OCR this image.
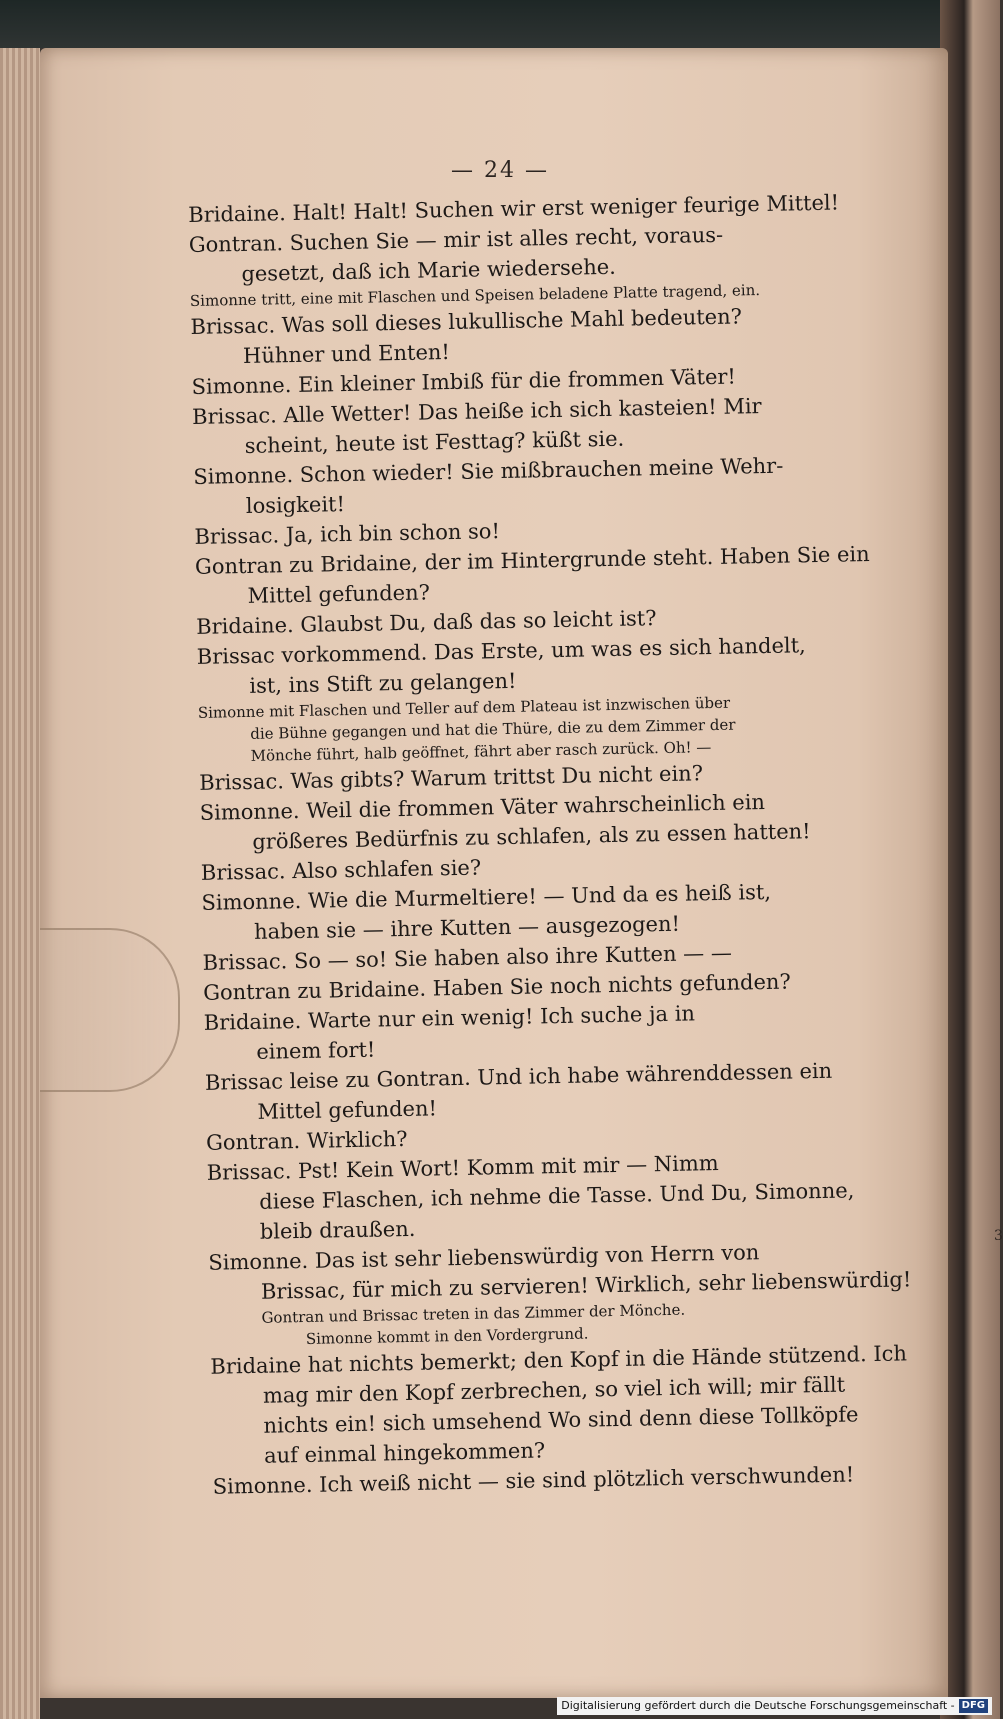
— 24 —
Bridaine. Halt! Halt! Suchen wir erst weniger feurige Mittel!
Gontran. Suchen Sie — mir ist alles recht, voraus-
gesetzt, daß ich Marie wiedersehe.
Simonne tritt, eine mit Flaschen und Speisen beladene Platte tragend, ein.
Brissac. Was soll dieses lukullische Mahl bedeuten?
Hühner und Enten!
Simonne. Ein kleiner Imbiß für die frommen Väter!
Brissac. Alle Wetter! Das heiße ich sich kasteien! Mir
scheint, heute ist Festtag? küßt sie.
Simonne. Schon wieder! Sie mißbrauchen meine Wehr-
losigkeit!
Brissac. Ja, ich bin schon so!
Gontran zu Bridaine, der im Hintergrunde steht. Haben Sie ein
Mittel gefunden?
Bridaine. Glaubst Du, daß das so leicht ist?
Brissac vorkommend. Das Erste, um was es sich handelt,
ist, ins Stift zu gelangen!
Simonne mit Flaschen und Teller auf dem Plateau ist inzwischen über
die Bühne gegangen und hat die Thüre, die zu dem Zimmer der
Mönche führt, halb geöffnet, fährt aber rasch zurück. Oh! —
Brissac. Was gibts? Warum trittst Du nicht ein?
Simonne. Weil die frommen Väter wahrscheinlich ein
größeres Bedürfnis zu schlafen, als zu essen hatten!
Brissac. Also schlafen sie?
Simonne. Wie die Murmeltiere! — Und da es heiß ist,
haben sie — ihre Kutten — ausgezogen!
Brissac. So — so! Sie haben also ihre Kutten — —
Gontran zu Bridaine. Haben Sie noch nichts gefunden?
Bridaine. Warte nur ein wenig! Ich suche ja in
einem fort!
Brissac leise zu Gontran. Und ich habe währenddessen ein
Mittel gefunden!
Gontran. Wirklich?
Brissac. Pst! Kein Wort! Komm mit mir — Nimm
diese Flaschen, ich nehme die Tasse. Und Du, Simonne,
bleib draußen.
Simonne. Das ist sehr liebenswürdig von Herrn von
Brissac, für mich zu servieren! Wirklich, sehr liebenswürdig!
Gontran und Brissac treten in das Zimmer der Mönche.
Simonne kommt in den Vordergrund.
Bridaine hat nichts bemerkt; den Kopf in die Hände stützend. Ich
mag mir den Kopf zerbrechen, so viel ich will; mir fällt
nichts ein! sich umsehend Wo sind denn diese Tollköpfe
auf einmal hingekommen?
Simonne. Ich weiß nicht — sie sind plötzlich verschwunden!
3
Digitalisierung gefördert durch die Deutsche Forschungsgemeinschaft - DFG
